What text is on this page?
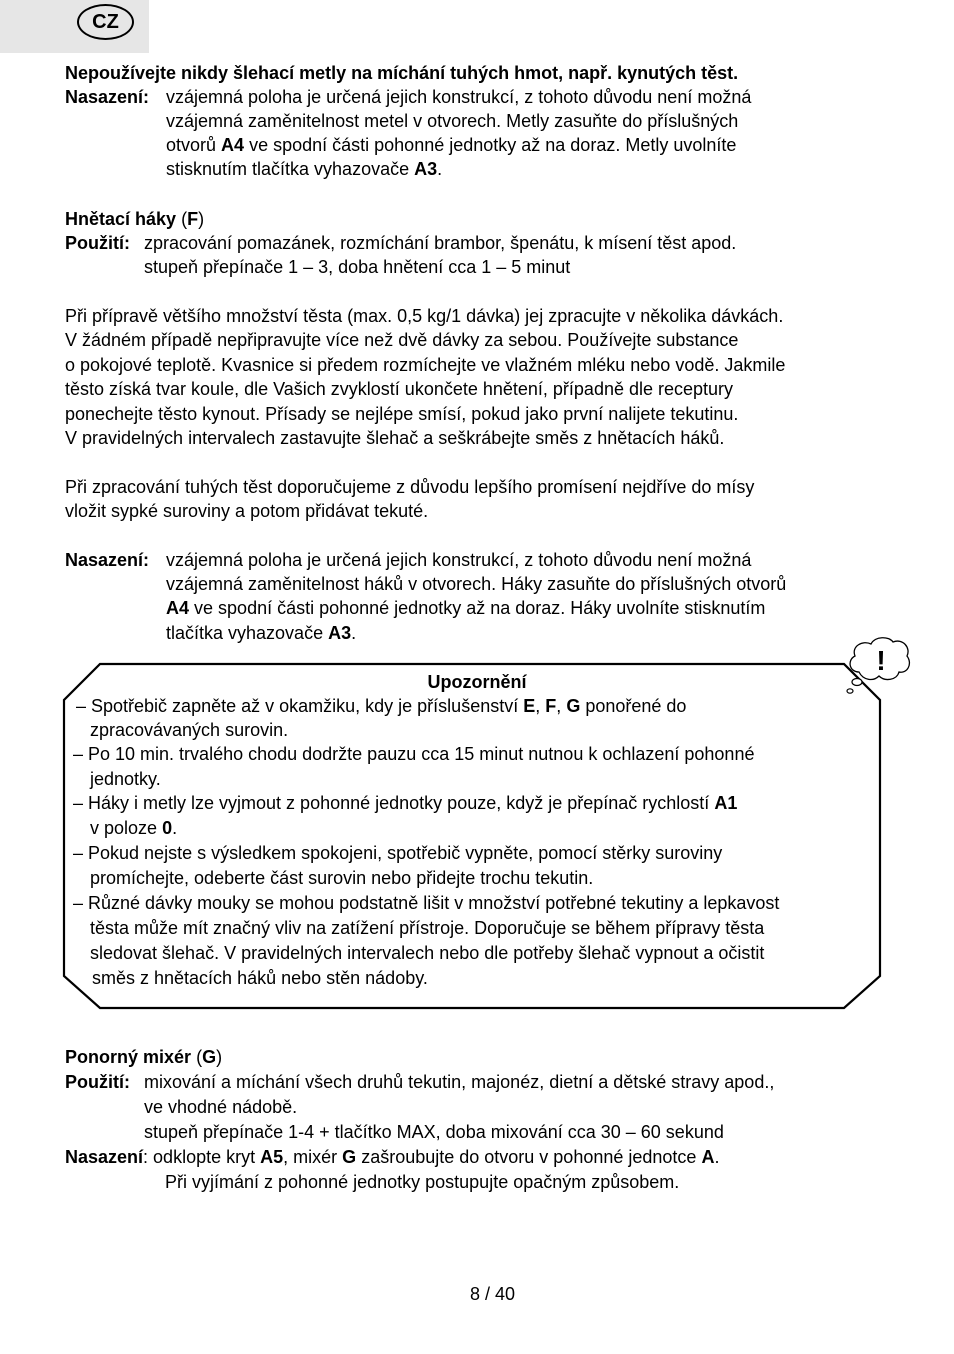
CZ
Nepoužívejte nikdy šlehací metly na míchání tuhých hmot, např. kynutých těst.
Nasazení: vzájemná poloha je určená jejich konstrukcí, z tohoto důvodu není možná
vzájemná zaměnitelnost metel v otvorech. Metly zasuňte do příslušných
otvorů A4 ve spodní části pohonné jednotky až na doraz. Metly uvolníte
stisknutím tlačítka vyhazovače A3.
Hnětací háky (F)
Použití: zpracování pomazánek, rozmíchání brambor, špenátu, k mísení těst apod.
stupeň přepínače 1 – 3, doba hnětení cca 1 – 5 minut
Při přípravě většího množství těsta (max. 0,5 kg/1 dávka) jej zpracujte v několika dávkách.
V žádném případě nepřipravujte více než dvě dávky za sebou. Používejte substance
o pokojové teplotě. Kvasnice si předem rozmíchejte ve vlažném mléku nebo vodě. Jakmile
těsto získá tvar koule, dle Vašich zvyklostí ukončete hnětení, případně dle receptury
ponechejte těsto kynout. Přísady se nejlépe smísí, pokud jako první nalijete tekutinu.
V pravidelných intervalech zastavujte šlehač a seškrábejte směs z hnětacích háků.
Při zpracování tuhých těst doporučujeme z důvodu lepšího promísení nejdříve do mísy
vložit sypké suroviny a potom přidávat tekuté.
Nasazení: vzájemná poloha je určená jejich konstrukcí, z tohoto důvodu není možná
vzájemná zaměnitelnost háků v otvorech. Háky zasuňte do příslušných otvorů
A4 ve spodní části pohonné jednotky až na doraz. Háky uvolníte stisknutím
tlačítka vyhazovače A3.
!
Upozornění
– Spotřebič zapněte až v okamžiku, kdy je příslušenství E, F, G ponořené do
zpracovávaných surovin.
– Po 10 min. trvalého chodu dodržte pauzu cca 15 minut nutnou k ochlazení pohonné
jednotky.
– Háky i metly lze vyjmout z pohonné jednotky pouze, když je přepínač rychlostí A1
v poloze 0.
– Pokud nejste s výsledkem spokojeni, spotřebič vypněte, pomocí stěrky suroviny
promíchejte, odeberte část surovin nebo přidejte trochu tekutin.
– Různé dávky mouky se mohou podstatně lišit v množství potřebné tekutiny a lepkavost
těsta může mít značný vliv na zatížení přístroje. Doporučuje se během přípravy těsta
sledovat šlehač. V pravidelných intervalech nebo dle potřeby šlehač vypnout a očistit
směs z hnětacích háků nebo stěn nádoby.
Ponorný mixér (G)
Použití: mixování a míchání všech druhů tekutin, majonéz, dietní a dětské stravy apod.,
ve vhodné nádobě.
stupeň přepínače 1-4 + tlačítko MAX, doba mixování cca 30 – 60 sekund
Nasazení: odklopte kryt A5, mixér G zašroubujte do otvoru v pohonné jednotce A.
Při vyjímání z pohonné jednotky postupujte opačným způsobem.
8 / 40
